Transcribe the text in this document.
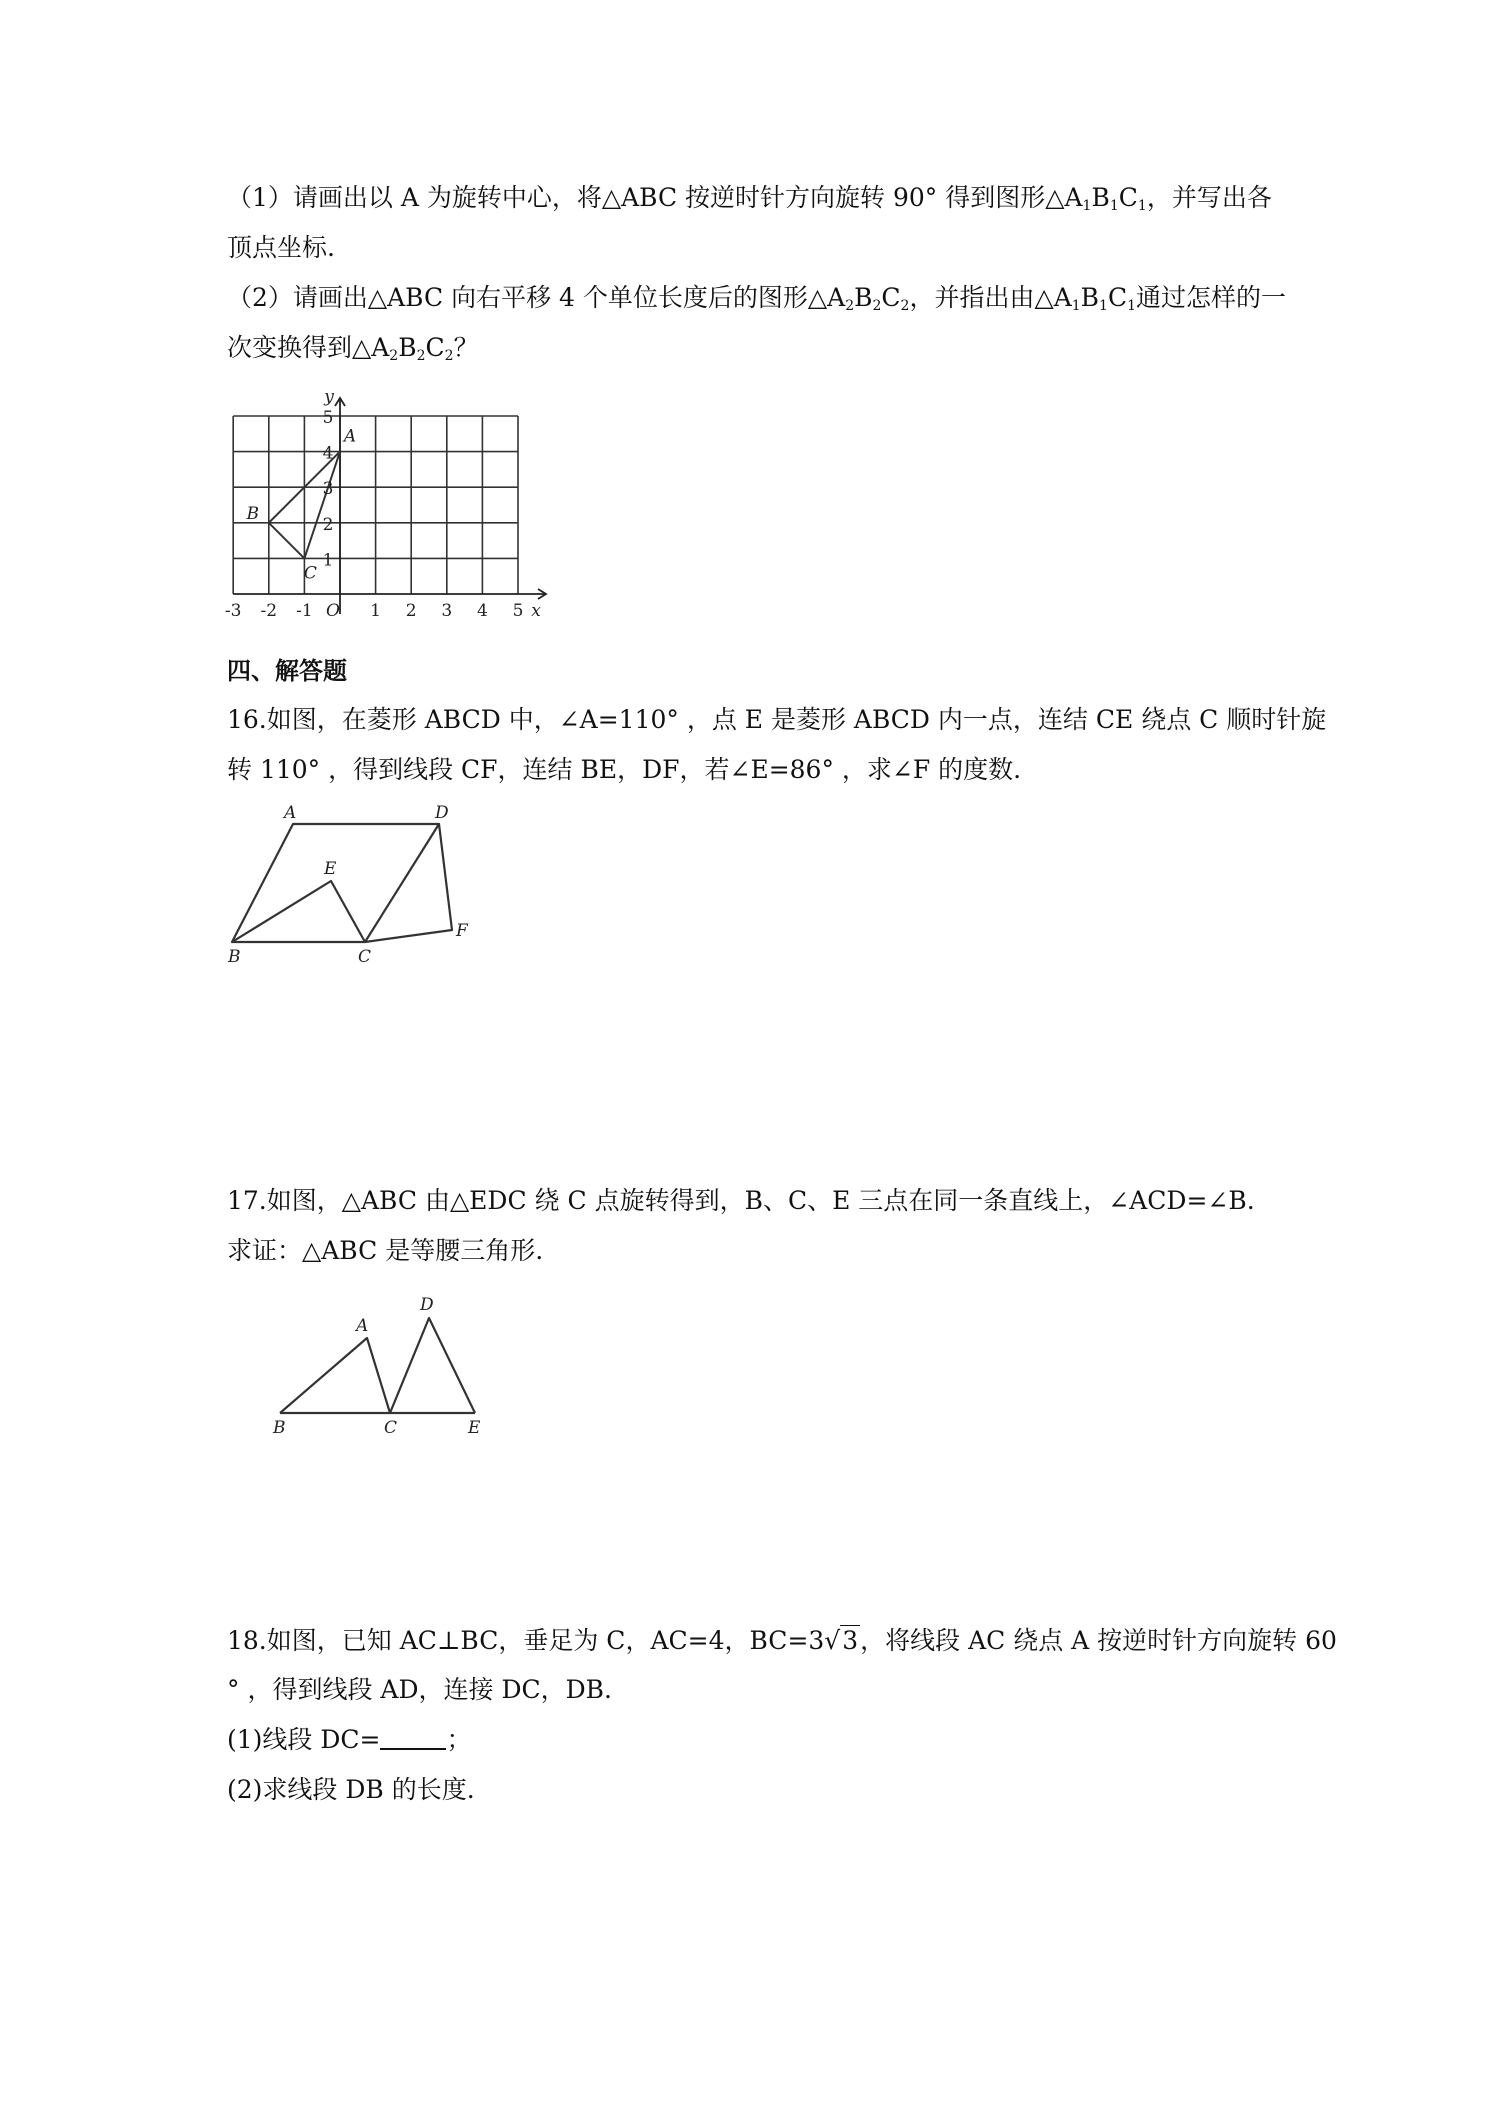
（1）请画出以 A 为旋转中心，将△ABC 按逆时针方向旋转 90° 得到图形$\triangle A_1B_1C_1$，并写出各
顶点坐标.
（2）请画出△ABC 向右平移 4 个单位长度后的图形$\triangle A_2B_2C_2$，并指出由$\triangle A_1B_1C_1$通过怎样的一
次变换得到$\triangle A_2B_2C_2$？
-3 -2 -1	1 2 3 4 5
1
2
3
4
5
O	x
y
A
B
C
四、解答题
16.如图，在菱形 ABCD 中，∠A=110° ，点 E 是菱形 ABCD 内一点，连结 CE 绕点 C 顺时针旋
转 110° ，得到线段 CF，连结 BE，DF，若∠E=86° ，求∠F 的度数.
A	D
E
B	C
F
17.如图，△ABC 由△EDC 绕 C 点旋转得到，B、C、E 三点在同一条直线上，∠ACD=∠B.
求证：△ABC 是等腰三角形.
A
D
B	C	E
18.如图，已知 AC⊥BC，垂足为 C，AC=4，BC=3√3，将线段 AC 绕点 A 按逆时针方向旋转 60
° ，得到线段 AD，连接 DC，DB.
(1)线段 DC=	；
(2)求线段 DB 的长度.
